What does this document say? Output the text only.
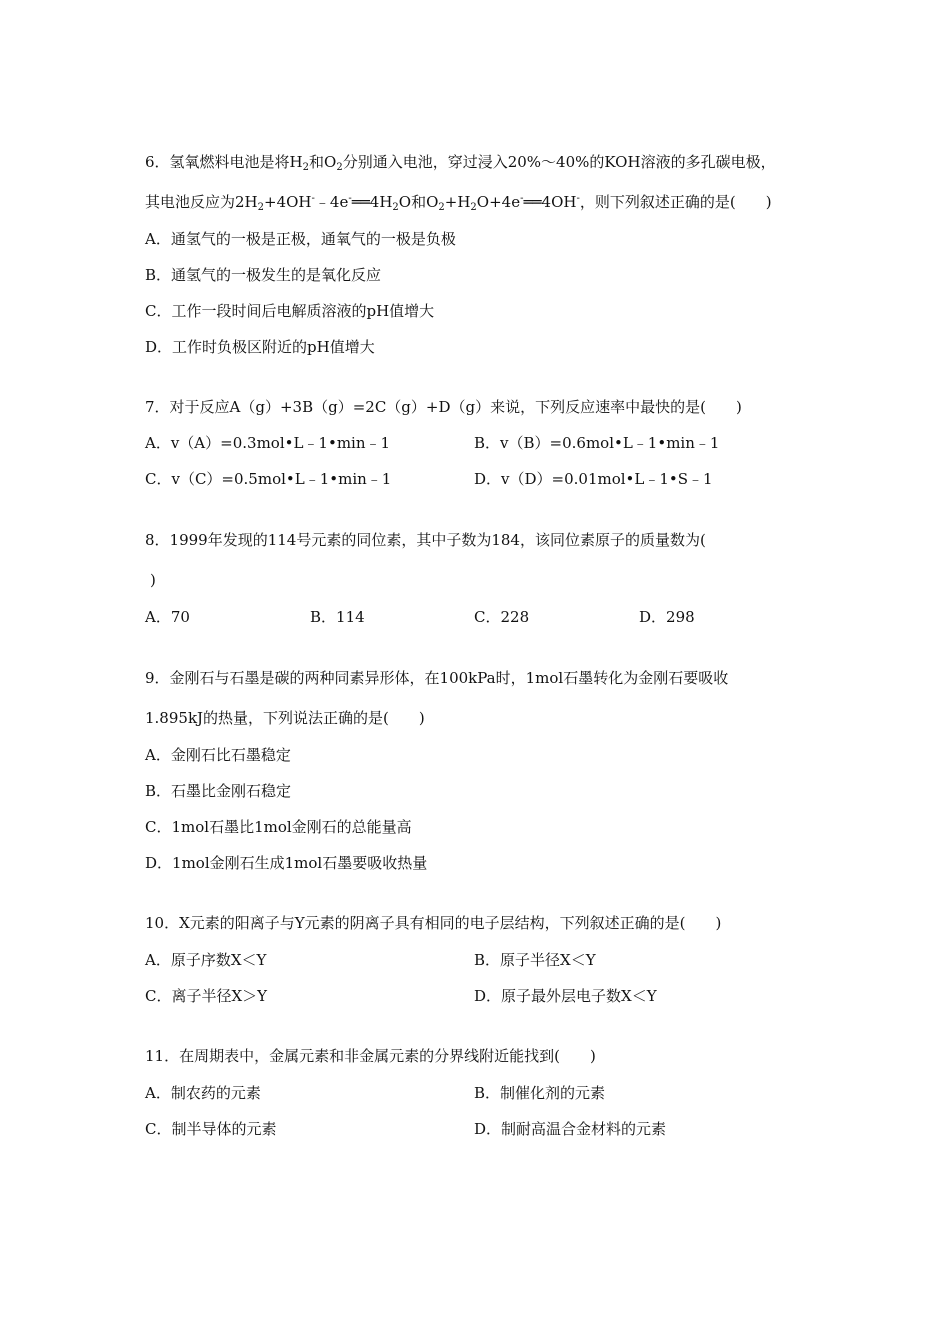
6．氢氧燃料电池是将$H_2$和$O_2$分别通入电池，穿过浸入20%～40%的KOH溶液的多孔碳电极，
其电池反应为$2H_2+4OH^-﹣4e^-══4H_2O$和$O_2+H_2O+4e^-══4OH^-$，则下列叙述正确的是(　　)
A．通氢气的一极是正极，通氧气的一极是负极
B．通氢气的一极发生的是氧化反应
C．工作一段时间后电解质溶液的pH值增大
D．工作时负极区附近的pH值增大
7．对于反应A（g）+3B（g）=2C（g）+D（g）来说，下列反应速率中最快的是(　　)
A．v（A）=0.3mol•L﹣1•min﹣1	B．v（B）=0.6mol•L﹣1•min﹣1
C．v（C）=0.5mol•L﹣1•min﹣1	D．v（D）=0.01mol•L﹣1•S﹣1
8．1999年发现的114号元素的同位素，其中子数为184，该同位素原子的质量数为(
)
A．70	B．114	C．228	D．298
9．金刚石与石墨是碳的两种同素异形体，在100kPa时，1mol石墨转化为金刚石要吸收
1.895kJ的热量，下列说法正确的是(　　)
A．金刚石比石墨稳定
B．石墨比金刚石稳定
C．1mol石墨比1mol金刚石的总能量高
D．1mol金刚石生成1mol石墨要吸收热量
10．X元素的阳离子与Y元素的阴离子具有相同的电子层结构，下列叙述正确的是(　　)
A．原子序数X＜Y	B．原子半径X＜Y
C．离子半径X＞Y	D．原子最外层电子数X＜Y
11．在周期表中，金属元素和非金属元素的分界线附近能找到(　　)
A．制农药的元素	B．制催化剂的元素
C．制半导体的元素	D．制耐高温合金材料的元素
